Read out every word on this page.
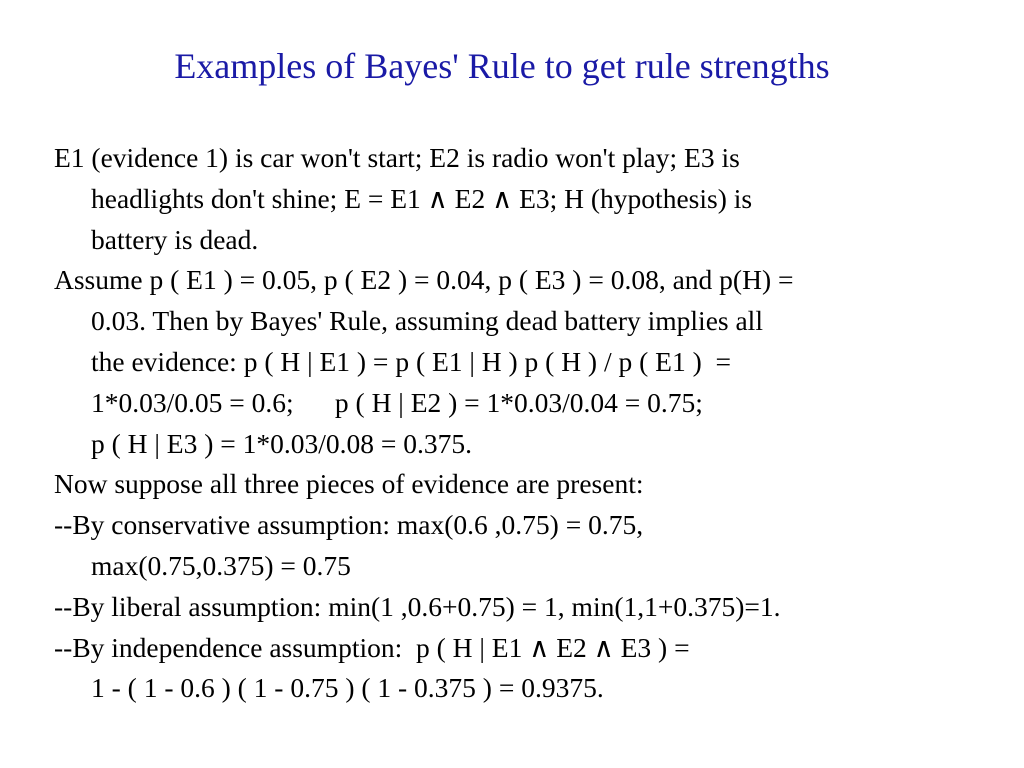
Examples of Bayes' Rule to get rule strengths
E1 (evidence 1) is car won't start; E2 is radio won't play; E3 is
headlights don't shine; E = E1 ∧ E2 ∧ E3; H (hypothesis) is
battery is dead.
Assume p ( E1 ) = 0.05, p ( E2 ) = 0.04, p ( E3 ) = 0.08, and p(H) =
0.03. Then by Bayes' Rule, assuming dead battery implies all
the evidence: p ( H | E1 ) = p ( E1 | H ) p ( H ) / p ( E1 )  =
1*0.03/0.05 = 0.6;      p ( H | E2 ) = 1*0.03/0.04 = 0.75;
p ( H | E3 ) = 1*0.03/0.08 = 0.375.
Now suppose all three pieces of evidence are present:
--By conservative assumption: max(0.6 ,0.75) = 0.75,
max(0.75,0.375) = 0.75
--By liberal assumption: min(1 ,0.6+0.75) = 1, min(1,1+0.375)=1.
--By independence assumption:  p ( H | E1 ∧ E2 ∧ E3 ) =
1 - ( 1 - 0.6 ) ( 1 - 0.75 ) ( 1 - 0.375 ) = 0.9375.
